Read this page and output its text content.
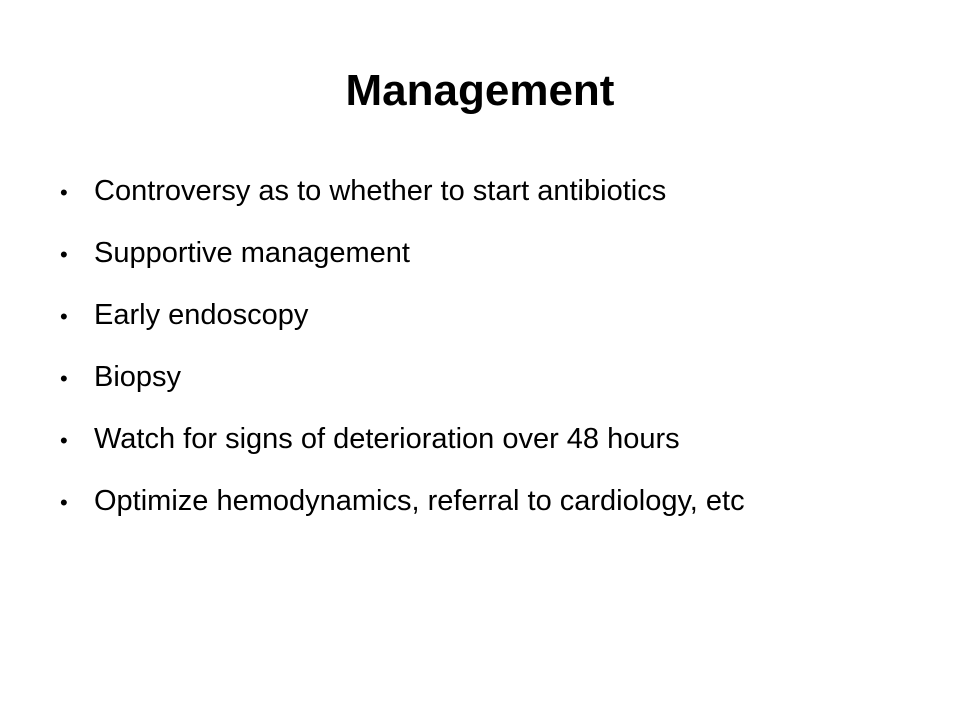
Management
• Controversy as to whether to start antibiotics
• Supportive management
• Early endoscopy
• Biopsy
• Watch for signs of deterioration over 48 hours
• Optimize hemodynamics, referral to cardiology, etc
